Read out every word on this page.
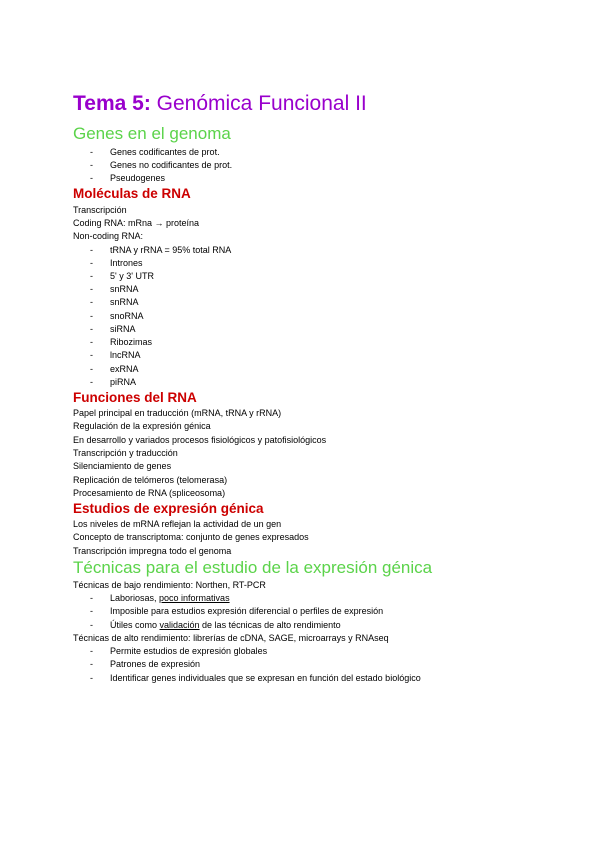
Tema 5: Genómica Funcional II
Genes en el genoma
- Genes codificantes de prot.
- Genes no codificantes de prot.
- Pseudogenes
Moléculas de RNA
Transcripción
Coding RNA: mRna → proteína
Non-coding RNA:
- tRNA y rRNA = 95% total RNA
- Intrones
- 5' y 3' UTR
- snRNA
- snRNA
- snoRNA
- siRNA
- Ribozimas
- lncRNA
- exRNA
- piRNA
Funciones del RNA
Papel principal en traducción (mRNA, tRNA y rRNA)
Regulación de la expresión génica
En desarrollo y variados procesos fisiológicos y patofisiológicos
Transcripción y traducción
Silenciamiento de genes
Replicación de telómeros (telomerasa)
Procesamiento de RNA (spliceosoma)
Estudios de expresión génica
Los niveles de mRNA reflejan la actividad de un gen
Concepto de transcriptoma: conjunto de genes expresados
Transcripción impregna todo el genoma
Técnicas para el estudio de la expresión génica
Técnicas de bajo rendimiento: Northen, RT-PCR
- Laboriosas, poco informativas
- Imposible para estudios expresión diferencial o perfiles de expresión
- Útiles como validación de las técnicas de alto rendimiento
Técnicas de alto rendimiento: librerías de cDNA, SAGE, microarrays y RNAseq
- Permite estudios de expresión globales
- Patrones de expresión
- Identificar genes individuales que se expresan en función del estado biológico
